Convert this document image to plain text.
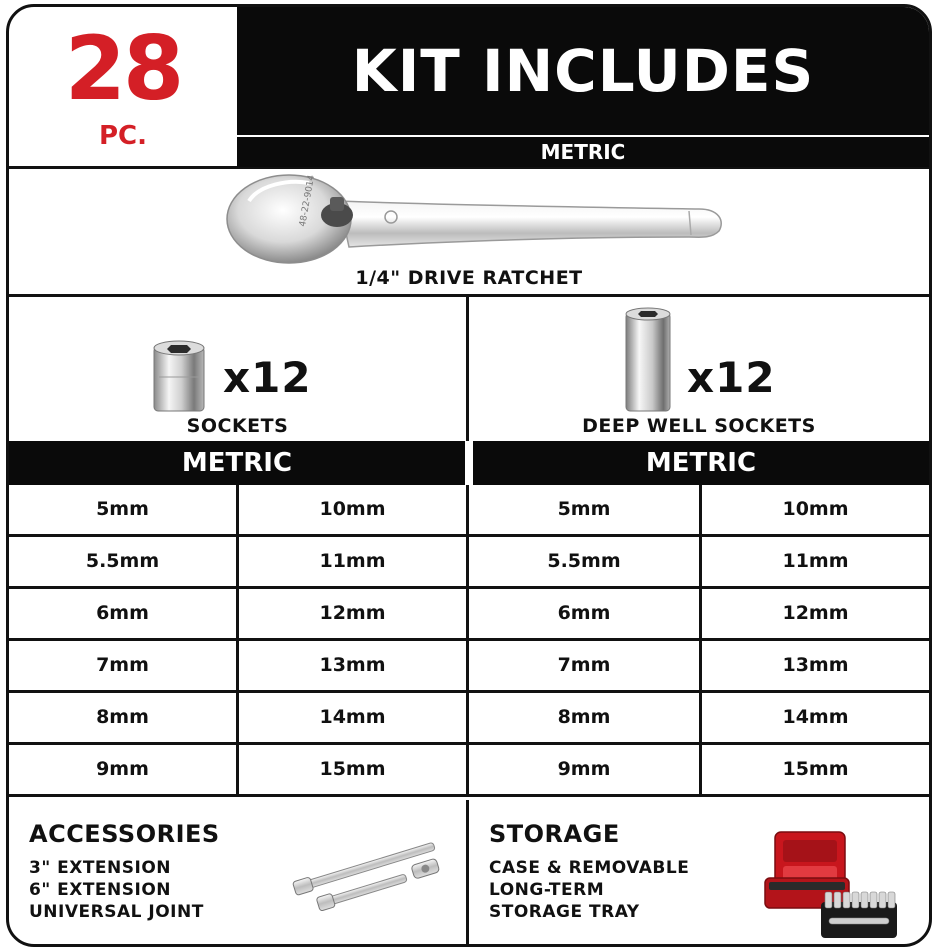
28
PC.
KIT INCLUDES
METRIC
48-22-9014
1/4" DRIVE RATCHET
x12
SOCKETS
x12
DEEP WELL SOCKETS
METRIC	METRIC
5mm	10mm	5mm	10mm
5.5mm	11mm	5.5mm	11mm
6mm	12mm	6mm	12mm
7mm	13mm	7mm	13mm
8mm	14mm	8mm	14mm
9mm	15mm	9mm	15mm
ACCESSORIES
3" EXTENSION
6" EXTENSION
UNIVERSAL JOINT
STORAGE
CASE & REMOVABLE
LONG-TERM
STORAGE TRAY
